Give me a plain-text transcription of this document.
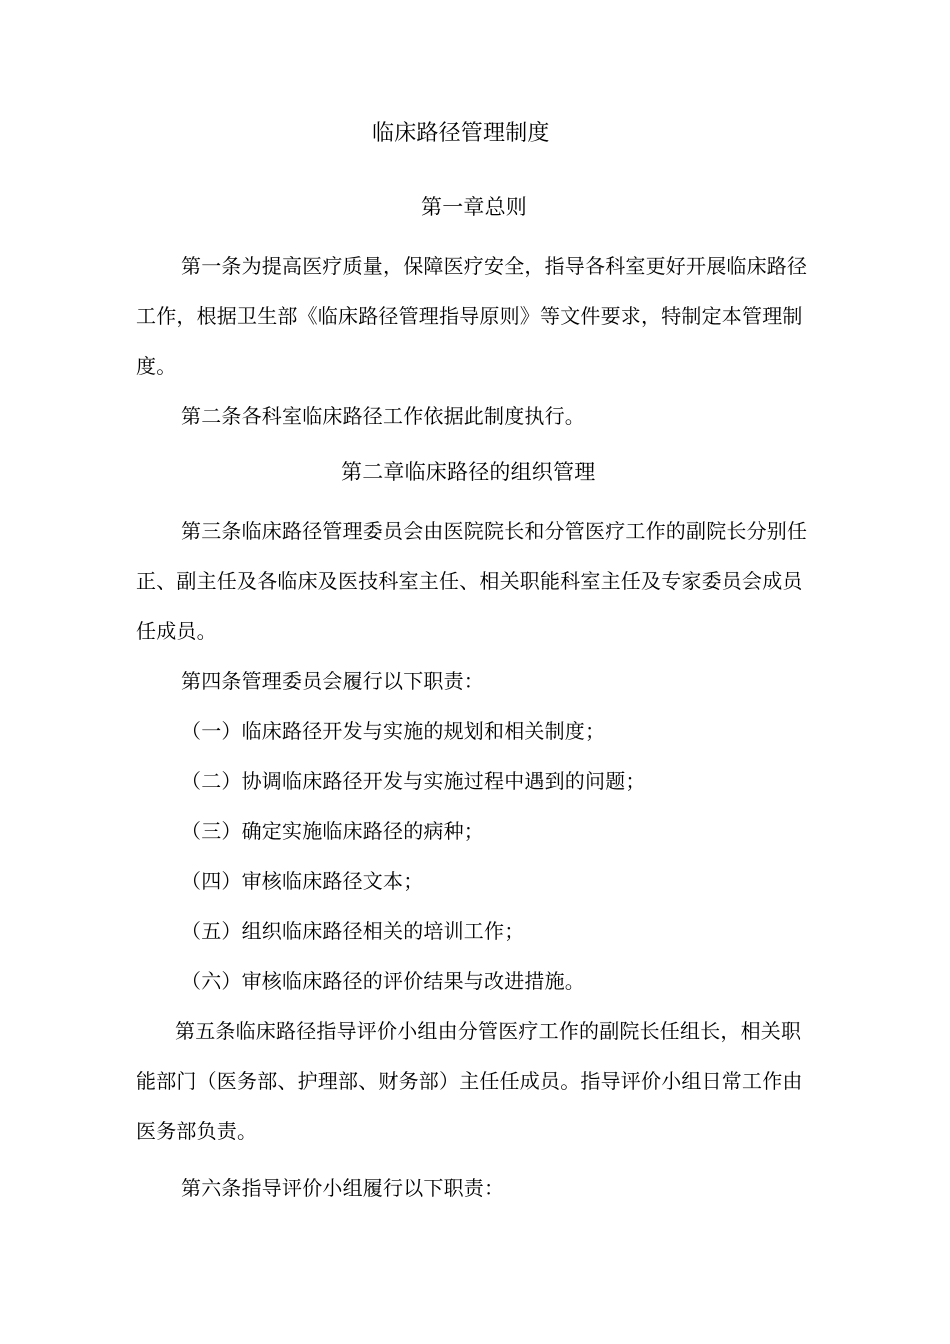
临床路径管理制度
第一章总则
第一条为提高医疗质量，保障医疗安全，指导各科室更好开展临床路径
工作，根据卫生部《临床路径管理指导原则》等文件要求，特制定本管理制
度。
第二条各科室临床路径工作依据此制度执行。
第二章临床路径的组织管理
第三条临床路径管理委员会由医院院长和分管医疗工作的副院长分别任
正、副主任及各临床及医技科室主任、相关职能科室主任及专家委员会成员
任成员。
第四条管理委员会履行以下职责：
（一）临床路径开发与实施的规划和相关制度；
（二）协调临床路径开发与实施过程中遇到的问题；
（三）确定实施临床路径的病种；
（四）审核临床路径文本；
（五）组织临床路径相关的培训工作；
（六）审核临床路径的评价结果与改进措施。
第五条临床路径指导评价小组由分管医疗工作的副院长任组长，相关职
能部门（医务部、护理部、财务部）主任任成员。指导评价小组日常工作由
医务部负责。
第六条指导评价小组履行以下职责：
